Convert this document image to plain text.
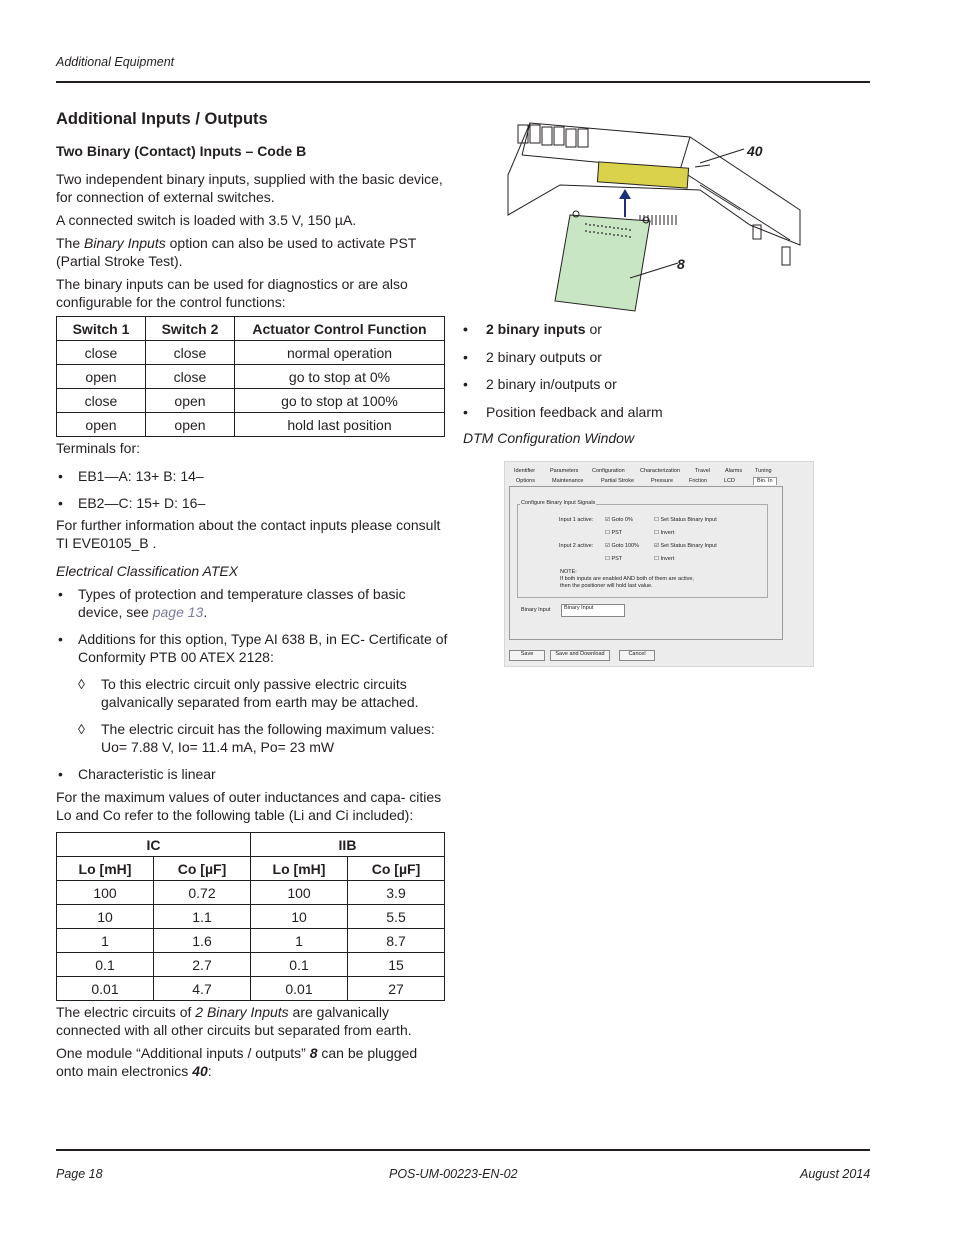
Additional Equipment
Page 18	POS-UM-00223-EN-02	August 2014
Additional Inputs / Outputs
Two Binary (Contact) Inputs – Code B

Two independent binary inputs, supplied with the basic device, for connection of external switches.

A connected switch is loaded with 3.5 V, 150 µA.

The Binary Inputs option can also be used to activate PST (Partial Stroke Test).

The binary inputs can be used for diagnostics or are also configurable for the control functions:

Switch 1	Switch 2	Actuator Control Function
close	close	normal operation
open	close	go to stop at 0%
close	open	go to stop at 100%
open	open	hold last position

Terminals for:

• EB1—A: 13+ B: 14–
• EB2—C: 15+ D: 16–

For further information about the contact inputs please consult TI EVE0105_B .

Electrical Classification ATEX

• Types of protection and temperature classes of basic device, see page 13.
• Additions for this option, Type AI 638 B, in EC- Certificate of Conformity PTB 00 ATEX 2128:
◊ To this electric circuit only passive electric circuits galvanically separated from earth may be attached.
◊ The electric circuit has the following maximum values: Uo= 7.88 V, Io= 11.4 mA, Po= 23 mW
• Characteristic is linear

For the maximum values of outer inductances and capa- cities Lo and Co refer to the following table (Li and Ci included):

IC		IIB	
Lo [mH]	Co [µF]	Lo [mH]	Co [µF]
100	0.72	100	3.9
10	1.1	10	5.5
1	1.6	1	8.7
0.1	2.7	0.1	15
0.01	4.7	0.01	27

The electric circuits of 2 Binary Inputs are galvanically connected with all other circuits but separated from earth.

One module “Additional inputs / outputs” 8 can be plugged onto main electronics 40:

40
8
• 2 binary inputs or
• 2 binary outputs or
• 2 binary in/outputs or
• Position feedback and alarm

DTM Configuration Window

Identifier	Parameters Configuration	Characterization	Travel	Alarms Tuning
Options	Maintenance	Partial Stroke	Pressure	Friction	LCD	Bin. In
Configure Binary Input Signals
Input 1 active: ☑ Goto 0%	☐ Set Status Binary Input
☐ PST	☐ Invert
Input 2 active: ☑ Goto 100%	☑ Set Status Binary Input
☐ PST	☐ Invert
NOTE:
If both inputs are enabled AND both of them are active,
then the positioner will hold last value.
Binary Input	Binary Input
Save	Save and Download	Cancel
